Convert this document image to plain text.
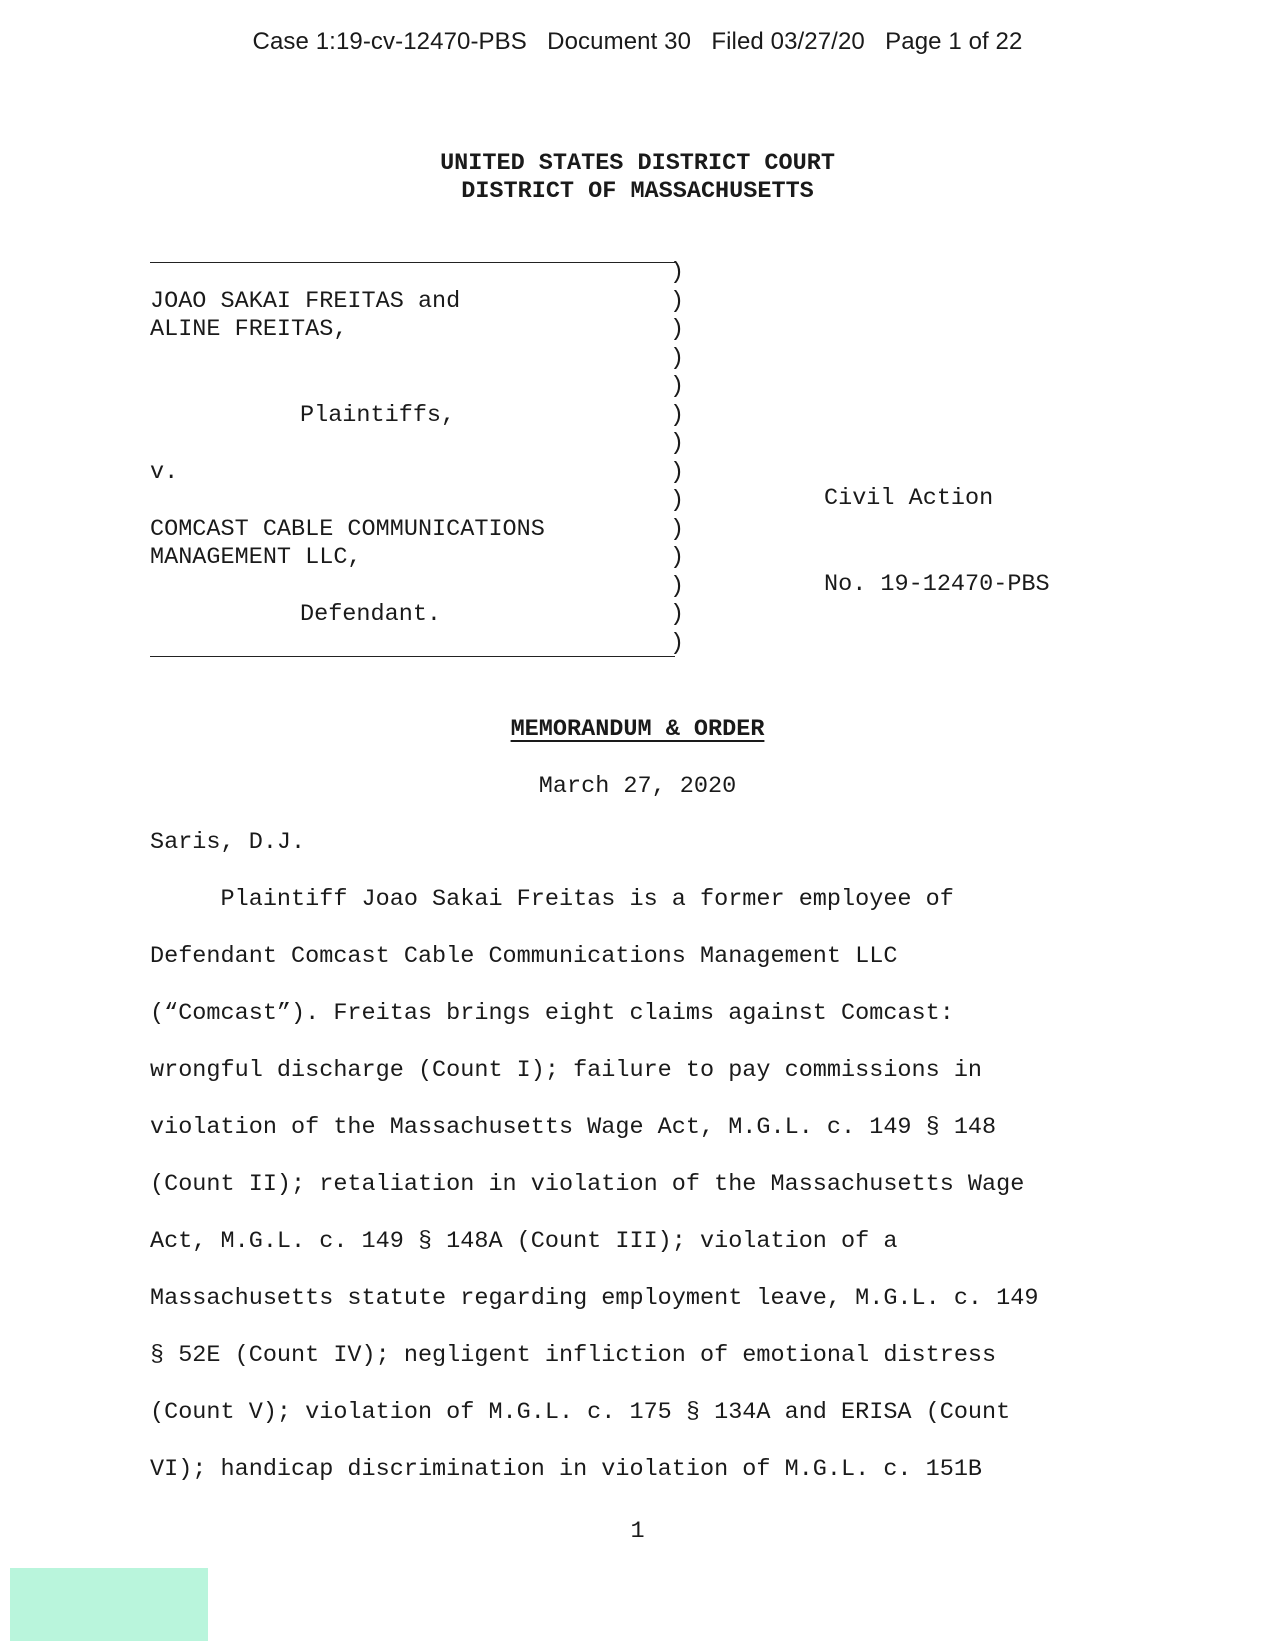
Case 1:19-cv-12470-PBS   Document 30   Filed 03/27/20   Page 1 of 22
UNITED STATES DISTRICT COURT
DISTRICT OF MASSACHUSETTS
)
)
)
)
)
)
)
)
)
)
)
)
)
)
JOAO SAKAI FREITAS and
ALINE FREITAS,
Plaintiffs,
v.
COMCAST CABLE COMMUNICATIONS
MANAGEMENT LLC,
Defendant.

Civil Action

No. 19-12470-PBS

MEMORANDUM & ORDER
March 27, 2020
Saris, D.J.
Plaintiff Joao Sakai Freitas is a former employee of
Defendant Comcast Cable Communications Management LLC
(“Comcast”). Freitas brings eight claims against Comcast:
wrongful discharge (Count I); failure to pay commissions in
violation of the Massachusetts Wage Act, M.G.L. c. 149 § 148
(Count II); retaliation in violation of the Massachusetts Wage
Act, M.G.L. c. 149 § 148A (Count III); violation of a
Massachusetts statute regarding employment leave, M.G.L. c. 149
§ 52E (Count IV); negligent infliction of emotional distress
(Count V); violation of M.G.L. c. 175 § 134A and ERISA (Count
VI); handicap discrimination in violation of M.G.L. c. 151B
1
